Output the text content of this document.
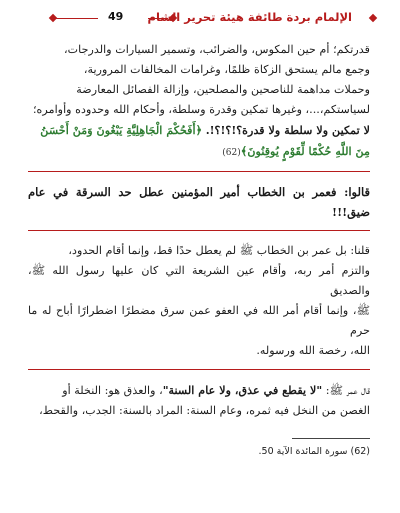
49 الإلمام بردة طائفة هيئة تحرير الشام

قدرتكم؛ أم حين المكوس، والضرائب، وتسمير السيارات والدرجات،

وجمع مالم يستحق الزكاة ظلمًا، وغرامات المخالفات المرورية،

وحملات مداهمة للناصحين والمصلحين، وإزالة الفصائل المعارضة

لسياستكم،...، وغيرها تمكين وقدرة وسلطة، وأحكام الله وحدوده وأوامره؛

لا تمكين ولا سلطة ولا قدرة؟!؟!؟!. ﴿أَفَحُكْمَ الْجَاهِلِيَّةِ يَبْغُونَ وَمَنْ أَحْسَنُ

مِنَ اللَّهِ حُكْمًا لِّقَوْمٍ يُوقِنُونَ﴾(62)

قالوا: فعمر بن الخطاب أمير المؤمنين عطل حد السرقة في عام ضيق!!!

قلنا: بل عمر بن الخطاب ﷺ لم يعطل حدًا قط، وإنما أقام الحدود،

والتزم أمر ربه، وأقام عين الشريعة التي كان عليها رسول الله ﷺ، والصديق

ﷺ، وإنما أقام أمر الله في العفو عمن سرق مضطرًا اضطرارًا أباح له ما حرم

الله، رخصة الله ورسوله.

قال عمر ﷺ: "لا يقطع في عذق، ولا عام السنة"، والعذق هو: النخلة أو

الغصن من النخل فيه ثمره، وعام السنة: المراد بالسنة: الجدب، والقحط،

(62) سورة المائدة الآية 50.
